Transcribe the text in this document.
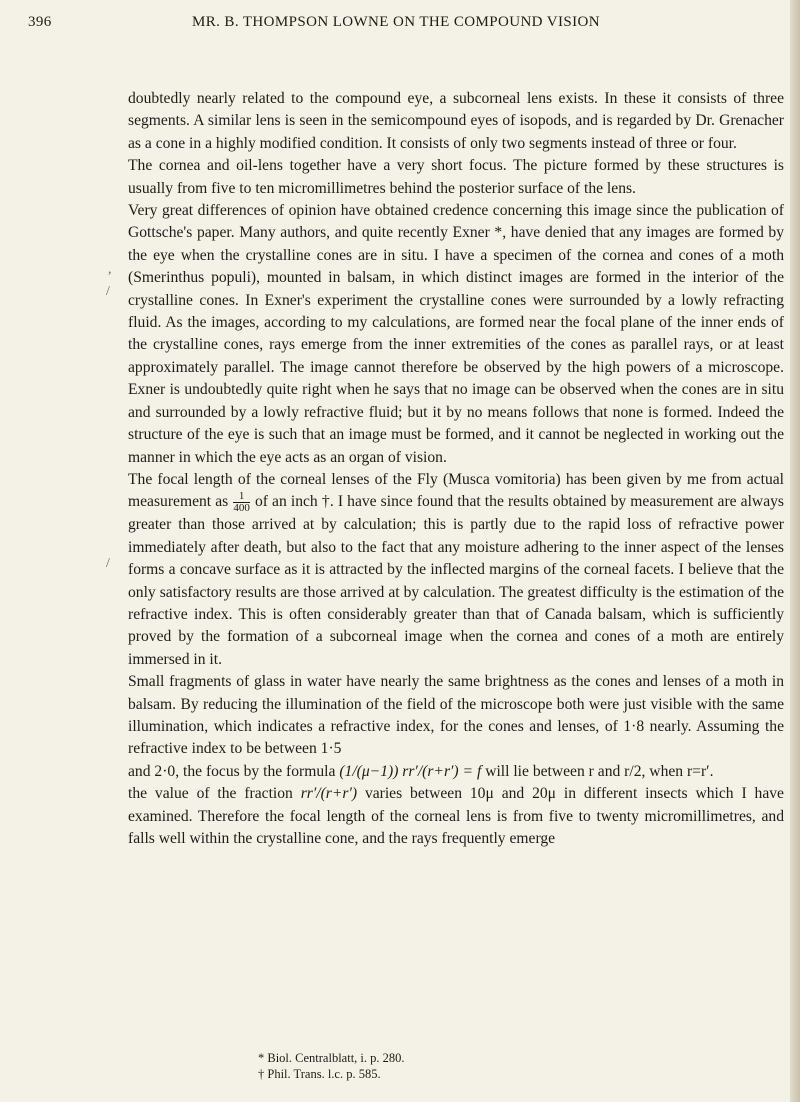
396	MR. B. THOMPSON LOWNE ON THE COMPOUND VISION
,
/
/

doubtedly nearly related to the compound eye, a subcorneal lens exists. In these it consists of three segments. A similar lens is seen in the semicompound eyes of isopods, and is regarded by Dr. Grenacher as a cone in a highly modified condition. It consists of only two segments instead of three or four.

The cornea and oil-lens together have a very short focus. The picture formed by these structures is usually from five to ten micromillimetres behind the posterior surface of the lens.

Very great differences of opinion have obtained credence concerning this image since the publication of Gottsche's paper. Many authors, and quite recently Exner *, have denied that any images are formed by the eye when the crystalline cones are in situ. I have a specimen of the cornea and cones of a moth (Smerinthus populi), mounted in balsam, in which distinct images are formed in the interior of the crystalline cones. In Exner's experiment the crystalline cones were surrounded by a lowly refracting fluid. As the images, according to my calculations, are formed near the focal plane of the inner ends of the crystalline cones, rays emerge from the inner extremities of the cones as parallel rays, or at least approximately parallel. The image cannot therefore be observed by the high powers of a microscope. Exner is undoubtedly quite right when he says that no image can be observed when the cones are in situ and surrounded by a lowly refractive fluid; but it by no means follows that none is formed. Indeed the structure of the eye is such that an image must be formed, and it cannot be neglected in working out the manner in which the eye acts as an organ of vision.

The focal length of the corneal lenses of the Fly (Musca vomitoria) has been given by me from actual measurement as $\frac{1}{400}$ of an inch †. I have since found that the results obtained by measurement are always greater than those arrived at by calculation; this is partly due to the rapid loss of refractive power immediately after death, but also to the fact that any moisture adhering to the inner aspect of the lenses forms a concave surface as it is attracted by the inflected margins of the corneal facets. I believe that the only satisfactory results are those arrived at by calculation. The greatest difficulty is the estimation of the refractive index. This is often considerably greater than that of Canada balsam, which is sufficiently proved by the formation of a subcorneal image when the cornea and cones of a moth are entirely immersed in it.

Small fragments of glass in water have nearly the same brightness as the cones and lenses of a moth in balsam. By reducing the illumination of the field of the microscope both were just visible with the same illumination, which indicates a refractive index, for the cones and lenses, of 1·8 nearly. Assuming the refractive index to be between 1·5

and 2·0, the focus by the formula (1/(μ−1)) rr′/(r+r′) = f will lie between r and r/2, when r=r′.

the value of the fraction rr′/(r+r′) varies between 10μ and 20μ in different insects which I have examined. Therefore the focal length of the corneal lens is from five to twenty micromillimetres, and falls well within the crystalline cone, and the rays frequently emerge

* Biol. Centralblatt, i. p. 280.
† Phil. Trans. l.c. p. 585.
